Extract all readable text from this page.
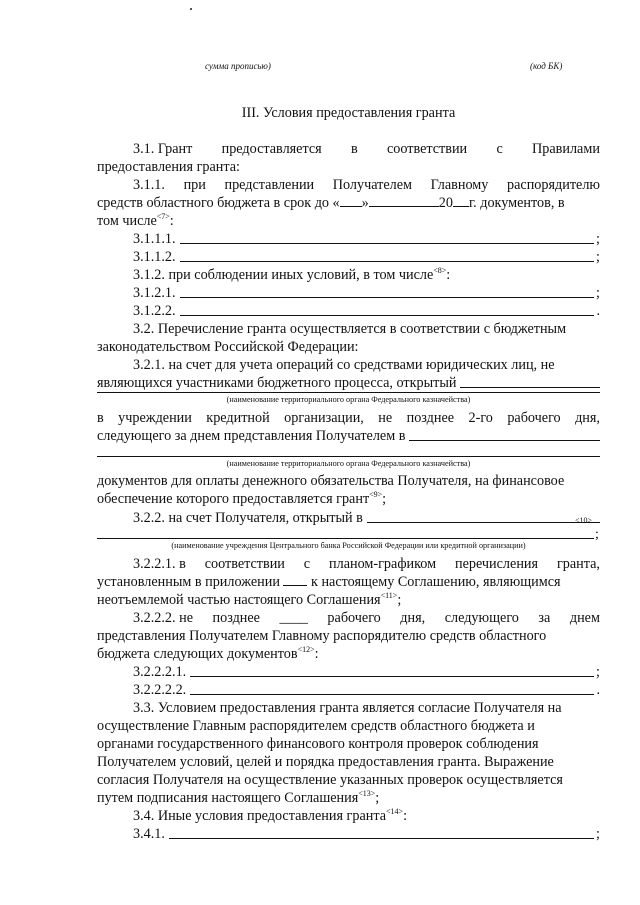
сумма прописью)	(код БК)
III. Условия предоставления гранта
3.1. Грант предоставляется в соответствии с Правилами
предоставления гранта:
3.1.1. при представлении Получателем Главному распорядителю
средств областного бюджета в срок до « »	20 г. документов, в
том числе$^{<7>}$:
3.1.1.1.	;
3.1.1.2.	;
3.1.2. при соблюдении иных условий, в том числе$^{<8>}$:
3.1.2.1.	;
3.1.2.2.	.
3.2. Перечисление гранта осуществляется в соответствии с бюджетным
законодательством Российской Федерации:
3.2.1. на счет для учета операций со средствами юридических лиц, не
являющихся участниками бюджетного процесса, открытый
(наименование территориального органа Федерального казначейства)
в учреждении кредитной организации, не позднее 2-го рабочего дня,
следующего за днем представления Получателем в
(наименование территориального органа Федерального казначейства)
документов для оплаты денежного обязательства Получателя, на финансовое
обеспечение которого предоставляется грант$^{<9>}$;
3.2.2. на счет Получателя, открытый в	<10>
;
(наименование учреждения Центрального банка Российской Федерации или кредитной организации)
3.2.2.1. в соответствии с планом-графиком перечисления гранта,
установленным в приложении к настоящему Соглашению, являющимся
неотъемлемой частью настоящего Соглашения$^{<11>}$;
3.2.2.2. не позднее ____ рабочего дня, следующего за днем
представления Получателем Главному распорядителю средств областного
бюджета следующих документов$^{<12>}$:
3.2.2.2.1.	;
3.2.2.2.2.	.
3.3. Условием предоставления гранта является согласие Получателя на
осуществление Главным распорядителем средств областного бюджета и
органами государственного финансового контроля проверок соблюдения
Получателем условий, целей и порядка предоставления гранта. Выражение
согласия Получателя на осуществление указанных проверок осуществляется
путем подписания настоящего Соглашения$^{<13>}$;
3.4. Иные условия предоставления гранта$^{<14>}$:
3.4.1.	;
